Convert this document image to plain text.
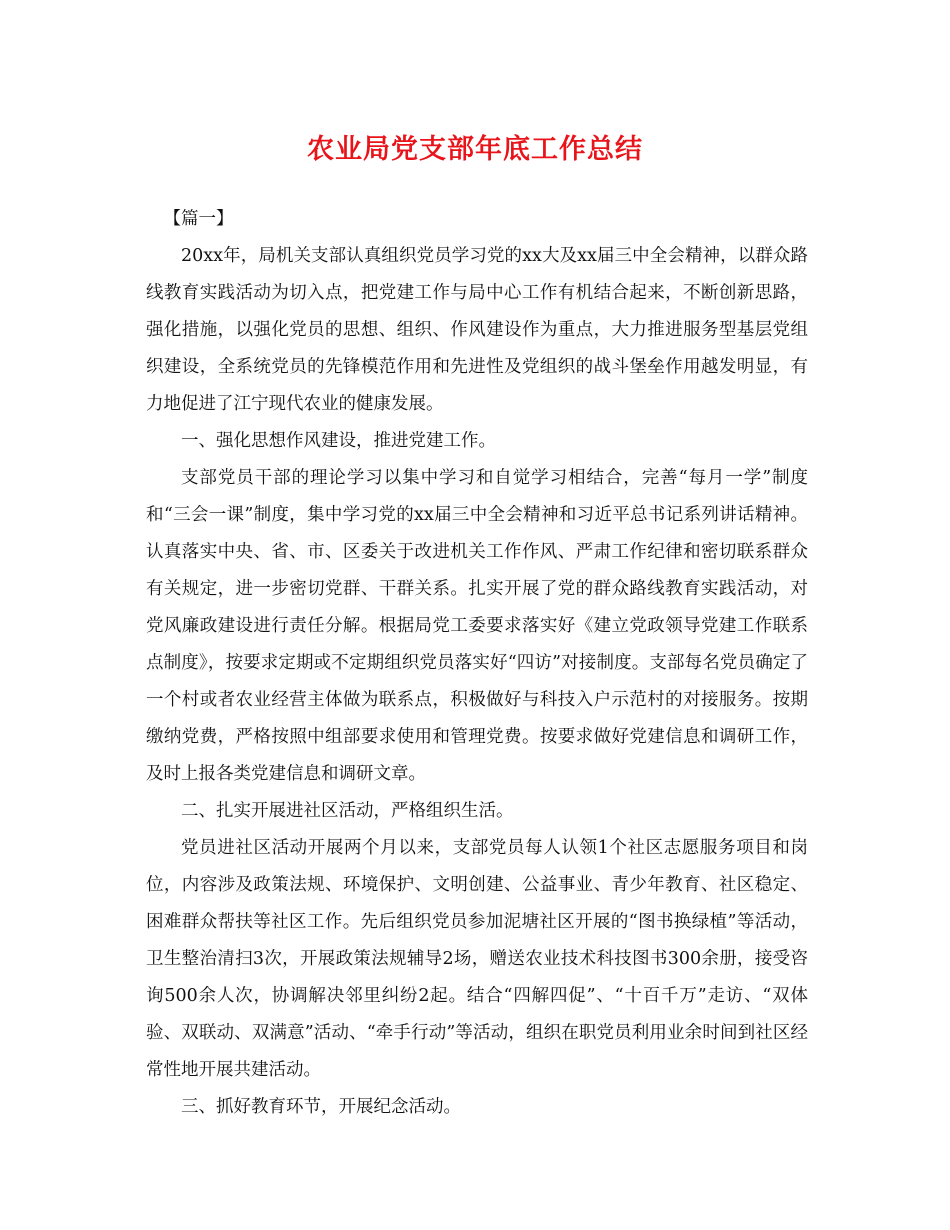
农业局党支部年底工作总结

【篇一】

20xx年，局机关支部认真组织党员学习党的xx大及xx届三中全会精神，以群众路线教育实践活动为切入点，把党建工作与局中心工作有机结合起来，不断创新思路，强化措施，以强化党员的思想、组织、作风建设作为重点，大力推进服务型基层党组织建设，全系统党员的先锋模范作用和先进性及党组织的战斗堡垒作用越发明显，有力地促进了江宁现代农业的健康发展。

一、强化思想作风建设，推进党建工作。

支部党员干部的理论学习以集中学习和自觉学习相结合，完善“每月一学”制度和“三会一课”制度，集中学习党的xx届三中全会精神和习近平总书记系列讲话精神。认真落实中央、省、市、区委关于改进机关工作作风、严肃工作纪律和密切联系群众有关规定，进一步密切党群、干群关系。扎实开展了党的群众路线教育实践活动，对党风廉政建设进行责任分解。根据局党工委要求落实好《建立党政领导党建工作联系点制度》，按要求定期或不定期组织党员落实好“四访”对接制度。支部每名党员确定了一个村或者农业经营主体做为联系点，积极做好与科技入户示范村的对接服务。按期缴纳党费，严格按照中组部要求使用和管理党费。按要求做好党建信息和调研工作，及时上报各类党建信息和调研文章。

二、扎实开展进社区活动，严格组织生活。

党员进社区活动开展两个月以来，支部党员每人认领1个社区志愿服务项目和岗位，内容涉及政策法规、环境保护、文明创建、公益事业、青少年教育、社区稳定、困难群众帮扶等社区工作。先后组织党员参加泥塘社区开展的“图书换绿植”等活动，卫生整治清扫3次，开展政策法规辅导2场，赠送农业技术科技图书300余册，接受咨询500余人次，协调解决邻里纠纷2起。结合“四解四促”、“十百千万”走访、“双体验、双联动、双满意”活动、“牵手行动”等活动，组织在职党员利用业余时间到社区经常性地开展共建活动。

三、抓好教育环节，开展纪念活动。
